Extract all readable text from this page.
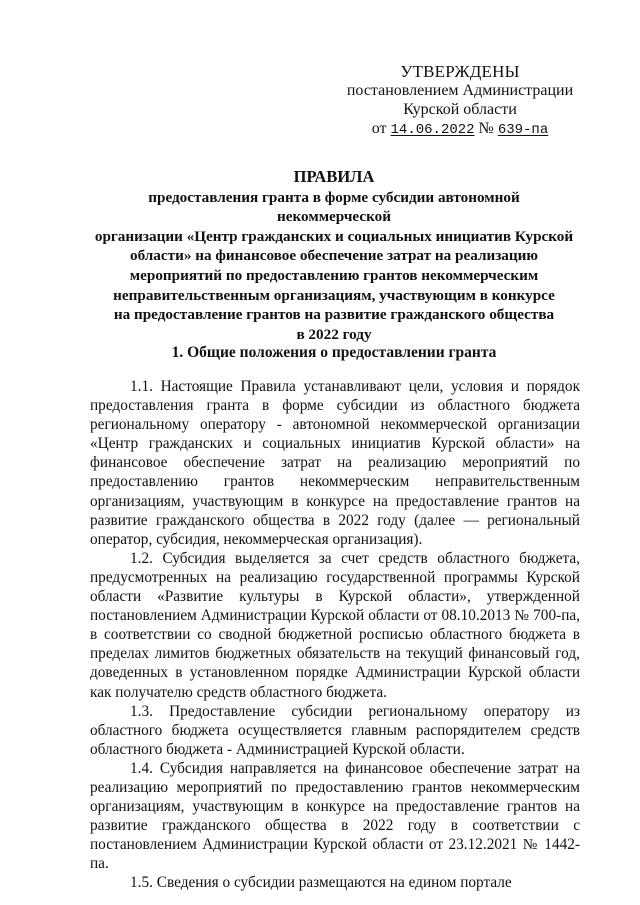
УТВЕРЖДЕНЫ
постановлением Администрации
Курской области
от 14.06.2022 № 639-па
ПРАВИЛА
предоставления гранта в форме субсидии автономной некоммерческой
организации «Центр гражданских и социальных инициатив Курской
области» на финансовое обеспечение затрат на реализацию
мероприятий по предоставлению грантов некоммерческим
неправительственным организациям, участвующим в конкурсе
на предоставление грантов на развитие гражданского общества
в 2022 году
1. Общие положения о предоставлении гранта

1.1. Настоящие Правила устанавливают цели, условия и порядок предоставления гранта в форме субсидии из областного бюджета региональному оператору - автономной некоммерческой организации «Центр гражданских и социальных инициатив Курской области» на финансовое обеспечение затрат на реализацию мероприятий по предоставлению грантов некоммерческим неправительственным организациям, участвующим в конкурсе на предоставление грантов на развитие гражданского общества в 2022 году (далее — региональный оператор, субсидия, некоммерческая организация).

1.2. Субсидия выделяется за счет средств областного бюджета, предусмотренных на реализацию государственной программы Курской области «Развитие культуры в Курской области», утвержденной постановлением Администрации Курской области от 08.10.2013 № 700-па, в соответствии со сводной бюджетной росписью областного бюджета в пределах лимитов бюджетных обязательств на текущий финансовый год, доведенных в установленном порядке Администрации Курской области как получателю средств областного бюджета.

1.3. Предоставление субсидии региональному оператору из областного бюджета осуществляется главным распорядителем средств областного бюджета - Администрацией Курской области.

1.4. Субсидия направляется на финансовое обеспечение затрат на реализацию мероприятий по предоставлению грантов некоммерческим организациям, участвующим в конкурсе на предоставление грантов на развитие гражданского общества в 2022 году в соответствии с постановлением Администрации Курской области от 23.12.2021 № 1442- па.

1.5. Сведения о субсидии размещаются на едином портале
